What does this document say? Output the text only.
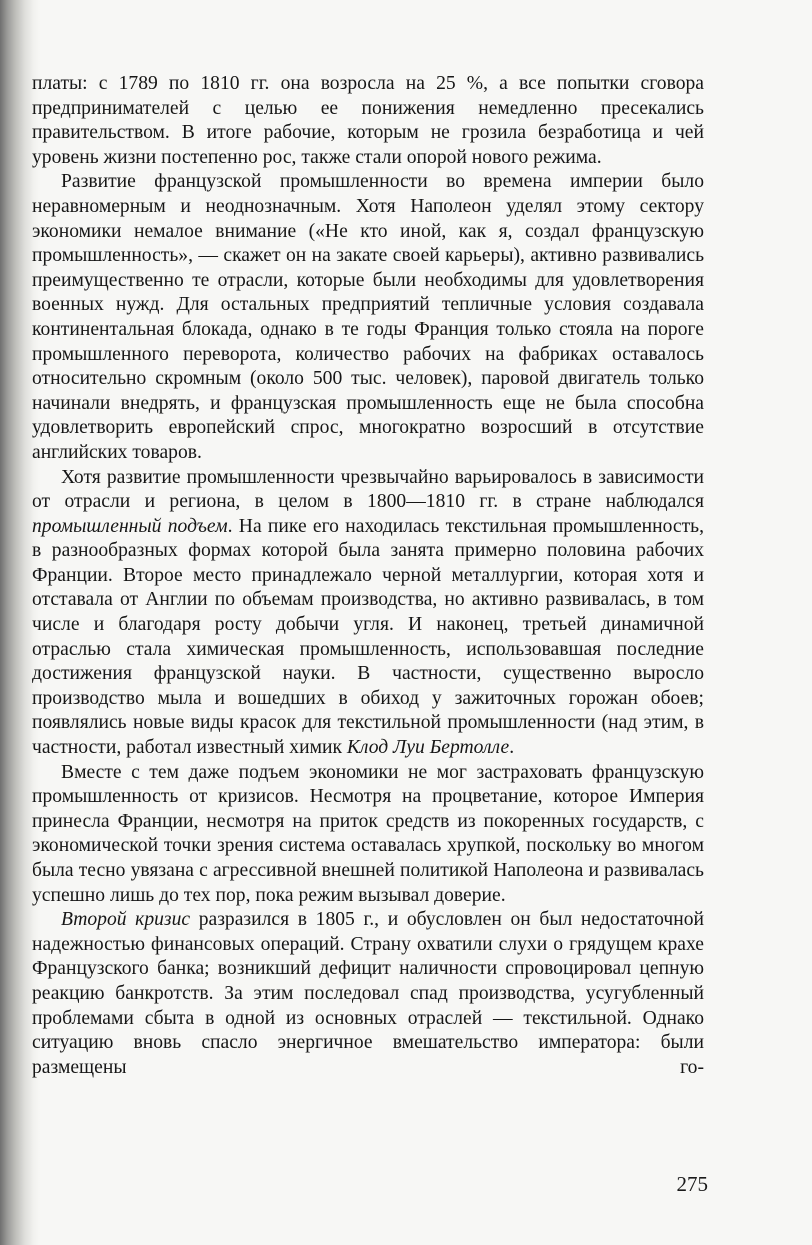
платы: с 1789 по 1810 гг. она возросла на 25 %, а все попытки сговора предпринимателей с целью ее понижения немедленно пресекались правительством. В итоге рабочие, которым не грозила безработица и чей уровень жизни постепенно рос, также стали опорой нового режима.

Развитие французской промышленности во времена империи было неравномерным и неоднозначным. Хотя Наполеон уделял этому сектору экономики немалое внимание («Не кто иной, как я, создал французскую промышленность», — скажет он на закате своей карьеры), активно развивались преимущественно те отрасли, которые были необходимы для удовлетворения военных нужд. Для остальных предприятий тепличные условия создавала континентальная блокада, однако в те годы Франция только стояла на пороге промышленного переворота, количество рабочих на фабриках оставалось относительно скромным (около 500 тыс. человек), паровой двигатель только начинали внедрять, и французская промышленность еще не была способна удовлетворить европейский спрос, многократно возросший в отсутствие английских товаров.

Хотя развитие промышленности чрезвычайно варьировалось в зависимости от отрасли и региона, в целом в 1800—1810 гг. в стране наблюдался промышленный подъем. На пике его находилась текстильная промышленность, в разнообразных формах которой была занята примерно половина рабочих Франции. Второе место принадлежало черной металлургии, которая хотя и отставала от Англии по объемам производства, но активно развивалась, в том числе и благодаря росту добычи угля. И наконец, третьей динамичной отраслью стала химическая промышленность, использовавшая последние достижения французской науки. В частности, существенно выросло производство мыла и вошедших в обиход у зажиточных горожан обоев; появлялись новые виды красок для текстильной промышленности (над этим, в частности, работал известный химик Клод Луи Бертолле.

Вместе с тем даже подъем экономики не мог застраховать французскую промышленность от кризисов. Несмотря на процветание, которое Империя принесла Франции, несмотря на приток средств из покоренных государств, с экономической точки зрения система оставалась хрупкой, поскольку во многом была тесно увязана с агрессивной внешней политикой Наполеона и развивалась успешно лишь до тех пор, пока режим вызывал доверие.

Второй кризис разразился в 1805 г., и обусловлен он был недостаточной надежностью финансовых операций. Страну охватили слухи о грядущем крахе Французского банка; возникший дефицит наличности спровоцировал цепную реакцию банкротств. За этим последовал спад производства, усугубленный проблемами сбыта в одной из основных отраслей — текстильной. Однако ситуацию вновь спасло энергичное вмешательство императора: были размещены го-

275
